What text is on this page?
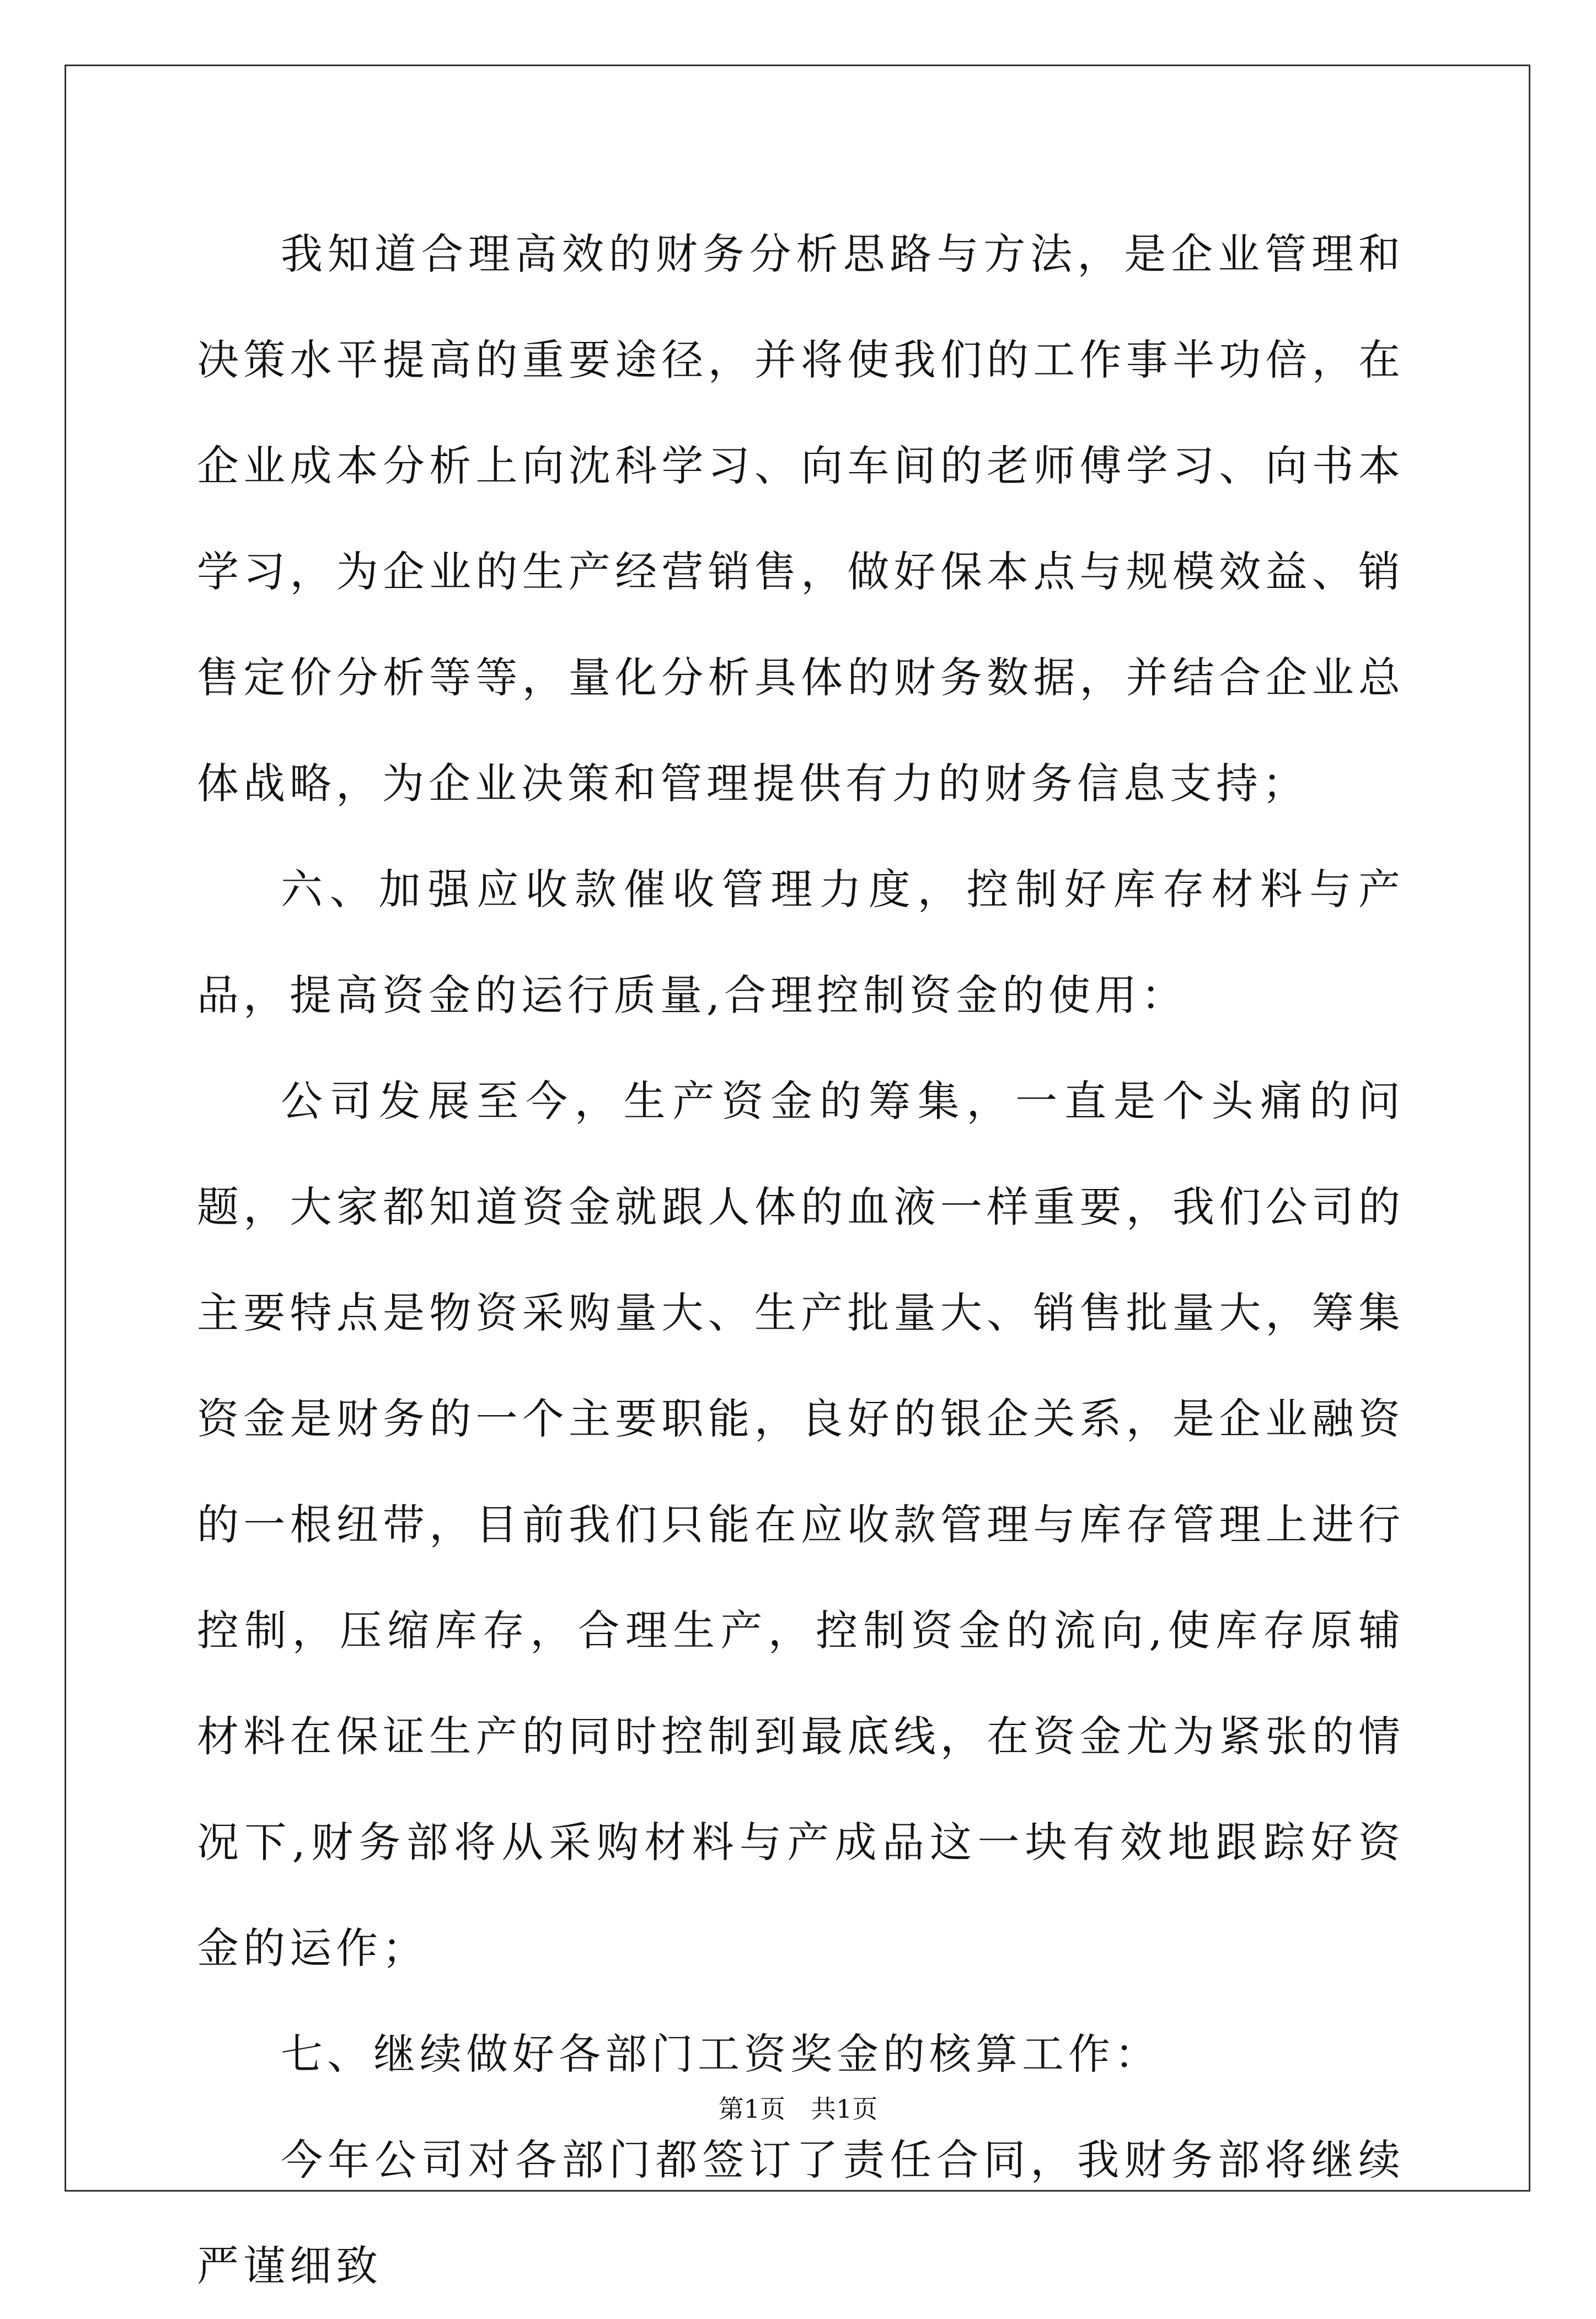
我知道合理高效的财务分析思路与方法，是企业管理和决策水平提高的重要途径，并将使我们的工作事半功倍，在企业成本分析上向沈科学习、向车间的老师傅学习、向书本学习，为企业的生产经营销售，做好保本点与规模效益、销售定价分析等等，量化分析具体的财务数据，并结合企业总体战略，为企业决策和管理提供有力的财务信息支持；

六、加强应收款催收管理力度，控制好库存材料与产品，提高资金的运行质量,合理控制资金的使用：

公司发展至今，生产资金的筹集，一直是个头痛的问题，大家都知道资金就跟人体的血液一样重要，我们公司的主要特点是物资采购量大、生产批量大、销售批量大，筹集资金是财务的一个主要职能，良好的银企关系，是企业融资的一根纽带，目前我们只能在应收款管理与库存管理上进行控制，压缩库存，合理生产，控制资金的流向,使库存原辅材料在保证生产的同时控制到最底线，在资金尤为紧张的情况下,财务部将从采购材料与产成品这一块有效地跟踪好资金的运作；

七、继续做好各部门工资奖金的核算工作：

今年公司对各部门都签订了责任合同，我财务部将继续严谨细致

第1页　共1页
